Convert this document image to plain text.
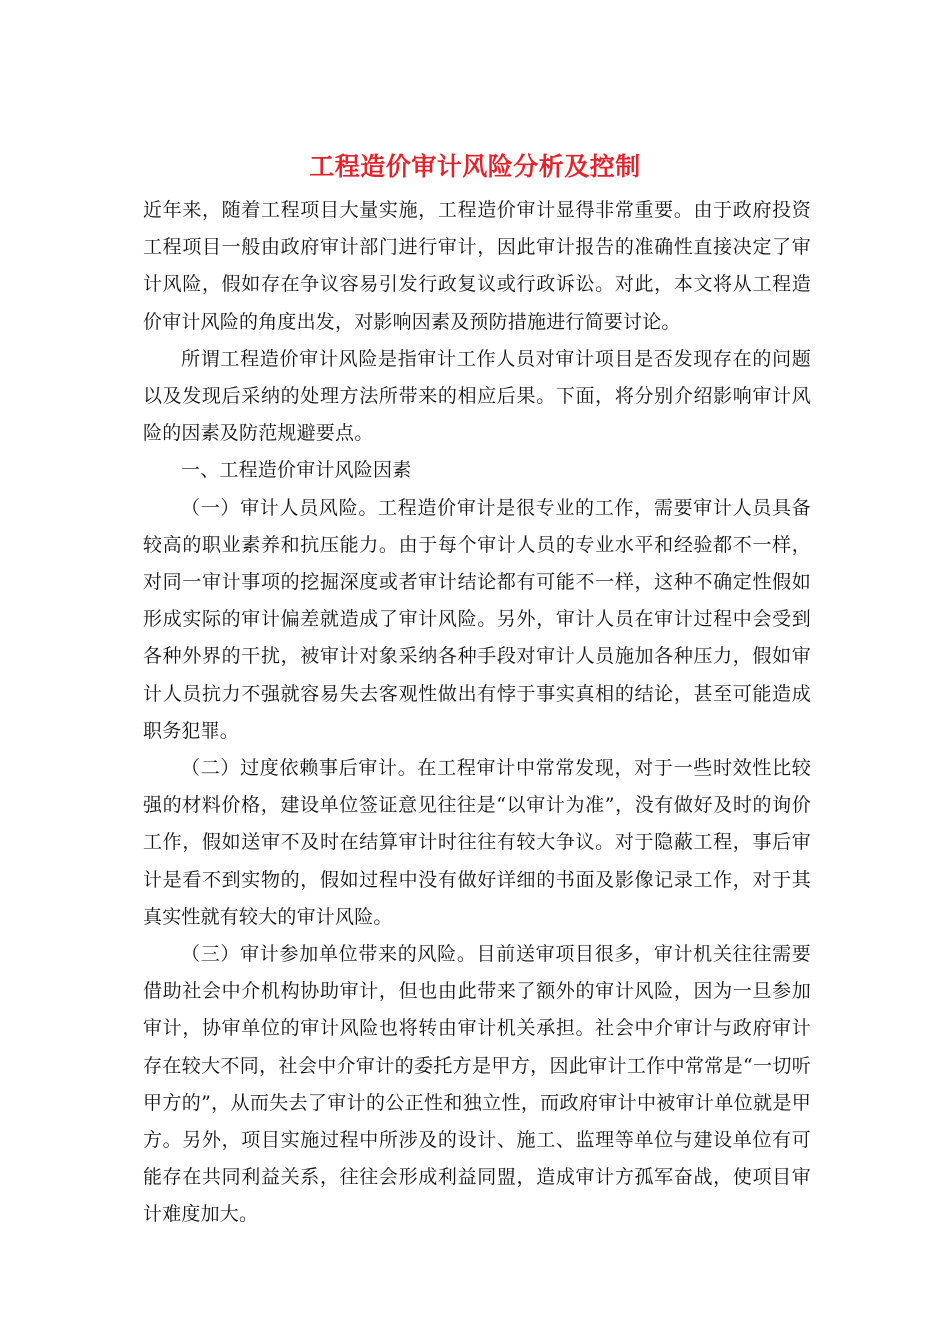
工程造价审计风险分析及控制

近年来，随着工程项目大量实施，工程造价审计显得非常重要。由于政府投资工程项目一般由政府审计部门进行审计，因此审计报告的准确性直接决定了审计风险，假如存在争议容易引发行政复议或行政诉讼。对此，本文将从工程造价审计风险的角度出发，对影响因素及预防措施进行简要讨论。

所谓工程造价审计风险是指审计工作人员对审计项目是否发现存在的问题以及发现后采纳的处理方法所带来的相应后果。下面，将分别介绍影响审计风险的因素及防范规避要点。

一、工程造价审计风险因素

（一）审计人员风险。工程造价审计是很专业的工作，需要审计人员具备较高的职业素养和抗压能力。由于每个审计人员的专业水平和经验都不一样，对同一审计事项的挖掘深度或者审计结论都有可能不一样，这种不确定性假如形成实际的审计偏差就造成了审计风险。另外，审计人员在审计过程中会受到各种外界的干扰，被审计对象采纳各种手段对审计人员施加各种压力，假如审计人员抗力不强就容易失去客观性做出有悖于事实真相的结论，甚至可能造成职务犯罪。

（二）过度依赖事后审计。在工程审计中常常发现，对于一些时效性比较强的材料价格，建设单位签证意见往往是“以审计为准”，没有做好及时的询价工作，假如送审不及时在结算审计时往往有较大争议。对于隐蔽工程，事后审计是看不到实物的，假如过程中没有做好详细的书面及影像记录工作，对于其真实性就有较大的审计风险。

（三）审计参加单位带来的风险。目前送审项目很多，审计机关往往需要借助社会中介机构协助审计，但也由此带来了额外的审计风险，因为一旦参加审计，协审单位的审计风险也将转由审计机关承担。社会中介审计与政府审计存在较大不同，社会中介审计的委托方是甲方，因此审计工作中常常是“一切听甲方的”，从而失去了审计的公正性和独立性，而政府审计中被审计单位就是甲方。另外，项目实施过程中所涉及的设计、施工、监理等单位与建设单位有可能存在共同利益关系，往往会形成利益同盟，造成审计方孤军奋战，使项目审计难度加大。
